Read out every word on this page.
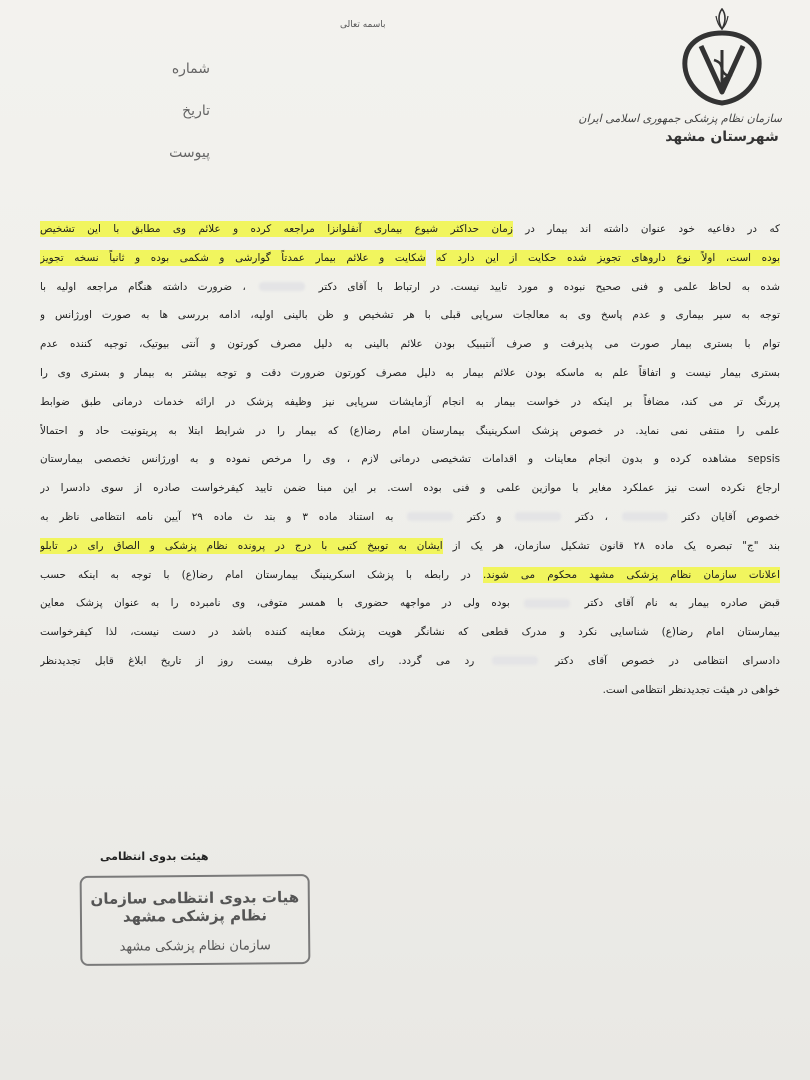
باسمه تعالی
شماره
تاریخ
پیوست
سازمان نظام پزشکی جمهوری اسلامی ایران
شهرستان مشهد
که در دفاعیه خود عنوان داشته اند بیمار در زمان حداکثر شیوع بیماری آنفلوانزا مراجعه کرده و علائم وی مطابق با این تشخیص
بوده است، اولاً نوع داروهای تجویز شده حکایت از این دارد که شکایت و علائم بیمار عمدتاً گوارشی و شکمی بوده و ثانیاً نسخه تجویز
شده به لحاظ علمی و فنی صحیح نبوده و مورد تایید نیست. در ارتباط با آقای دکتر  ، ضرورت داشته هنگام مراجعه اولیه با
توجه به سیر بیماری و عدم پاسخ وی به معالجات سرپایی قبلی با هر تشخیص و ظن بالینی اولیه، ادامه بررسی ها به صورت اورژانس و
توام با بستری بیمار صورت می پذیرفت و صرف آنتیبیک بودن علائم بالینی به دلیل مصرف کورتون و آنتی بیوتیک، توجیه کننده عدم
بستری بیمار نیست و اتفاقاً علم به ماسکه بودن علائم بیمار به دلیل مصرف کورتون ضرورت دقت و توجه بیشتر به بیمار و بستری وی را
پررنگ تر می کند، مضافاً بر اینکه در خواست بیمار به انجام آزمایشات سرپایی نیز وظیفه پزشک در ارائه خدمات درمانی طبق ضوابط
علمی را منتفی نمی نماید. در خصوص پزشک اسکرینینگ بیمارستان امام رضا(ع) که بیمار را در شرایط ابتلا به پریتونیت حاد و احتمالاً
sepsis مشاهده کرده و بدون انجام معاینات و اقدامات تشخیصی درمانی لازم ، وی را مرخص نموده و به اورژانس تخصصی بیمارستان
ارجاع نکرده است نیز عملکرد مغایر با موازین علمی و فنی بوده است. بر این مبنا ضمن تایید کیفرخواست صادره از سوی دادسرا در
خصوص آقایان دکتر  ، دکتر  و دکتر  به استناد ماده ۳ و بند ث ماده ۲۹ آیین نامه انتظامی ناظر به
بند "ج" تبصره یک ماده ۲۸ قانون تشکیل سازمان، هر یک از ایشان به توبیخ کتبی با درج در پرونده نظام پزشکی و الصاق رای در تابلو
اعلانات سازمان نظام پزشکی مشهد محکوم می شوند. در رابطه با پزشک اسکرینینگ بیمارستان امام رضا(ع) با توجه به اینکه حسب
قبض صادره بیمار به نام آقای دکتر  بوده ولی در مواجهه حضوری با همسر متوفی، وی نامبرده را به عنوان پزشک معاین
بیمارستان امام رضا(ع) شناسایی نکرد و مدرک قطعی که نشانگر هویت پزشک معاینه کننده باشد در دست نیست، لذا کیفرخواست
دادسرای انتظامی در خصوص آقای دکتر  رد می گردد. رای صادره ظرف بیست روز از تاریخ ابلاغ قابل تجدیدنظر
خواهی در هیئت تجدیدنظر انتظامی است.
هیئت بدوی انتظامی
هیات بدوی انتظامی سازمان نظام پزشکی مشهد
سازمان نظام پزشکی مشهد
